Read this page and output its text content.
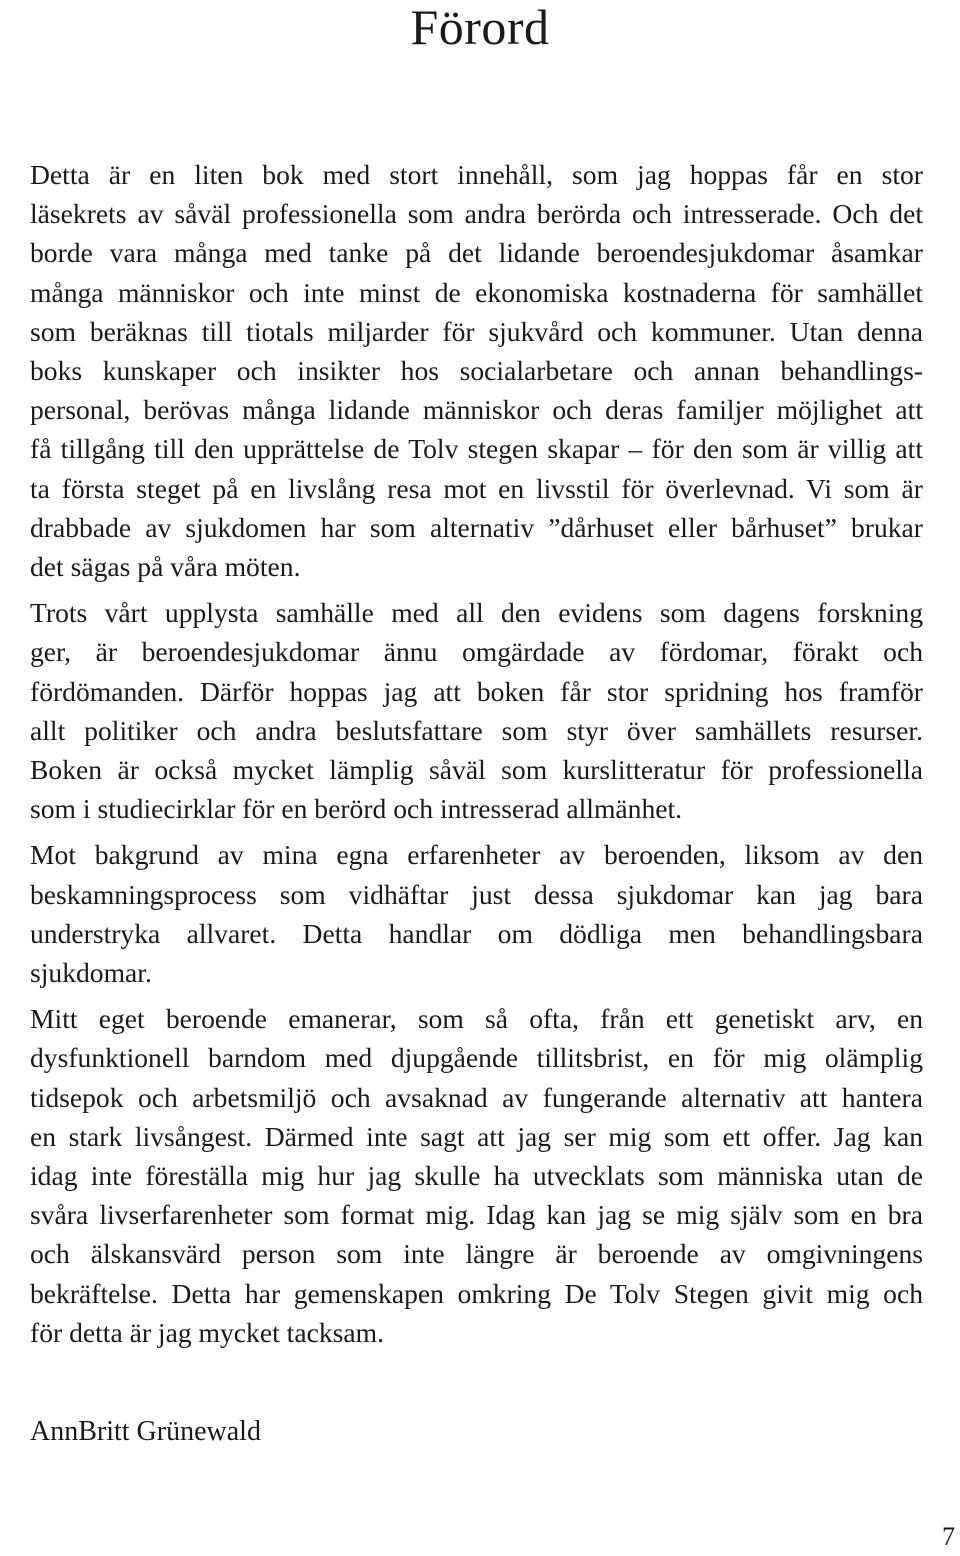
Förord

Detta är en liten bok med stort innehåll, som jag hoppas får en stor
läsekrets av såväl professionella som andra berörda och intresserade. Och det
borde vara många med tanke på det lidande beroendesjukdomar åsamkar
många människor och inte minst de ekonomiska kostnaderna för samhället
som beräknas till tiotals miljarder för sjukvård och kommuner. Utan denna
boks kunskaper och insikter hos socialarbetare och annan behandlings-
personal, berövas många lidande människor och deras familjer möjlighet att
få tillgång till den upprättelse de Tolv stegen skapar – för den som är villig att
ta första steget på en livslång resa mot en livsstil för överlevnad. Vi som är
drabbade av sjukdomen har som alternativ ”dårhuset eller bårhuset” brukar
det sägas på våra möten.

Trots vårt upplysta samhälle med all den evidens som dagens forskning
ger, är beroendesjukdomar ännu omgärdade av fördomar, förakt och
fördömanden. Därför hoppas jag att boken får stor spridning hos framför
allt politiker och andra beslutsfattare som styr över samhällets resurser.
Boken är också mycket lämplig såväl som kurslitteratur för professionella
som i studiecirklar för en berörd och intresserad allmänhet.

Mot bakgrund av mina egna erfarenheter av beroenden, liksom av den
beskamningsprocess som vidhäftar just dessa sjukdomar kan jag bara
understryka allvaret. Detta handlar om dödliga men behandlingsbara
sjukdomar.

Mitt eget beroende emanerar, som så ofta, från ett genetiskt arv, en
dysfunktionell barndom med djupgående tillitsbrist, en för mig olämplig
tidsepok och arbetsmiljö och avsaknad av fungerande alternativ att hantera
en stark livsångest. Därmed inte sagt att jag ser mig som ett offer. Jag kan
idag inte föreställa mig hur jag skulle ha utvecklats som människa utan de
svåra livserfarenheter som format mig. Idag kan jag se mig själv som en bra
och älskansvärd person som inte längre är beroende av omgivningens
bekräftelse. Detta har gemenskapen omkring De Tolv Stegen givit mig och
för detta är jag mycket tacksam.

AnnBritt Grünewald
7
